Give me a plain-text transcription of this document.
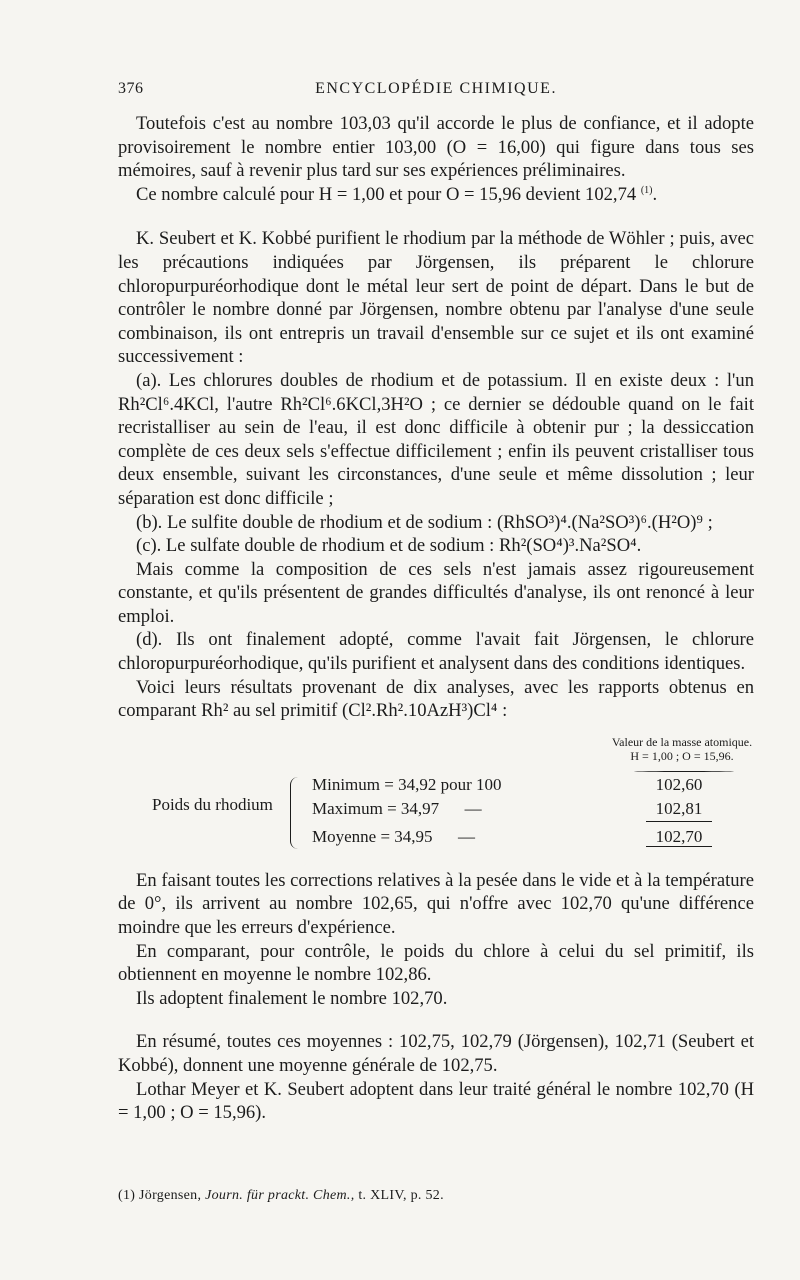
376	ENCYCLOPÉDIE CHIMIQUE.

Toutefois c'est au nombre 103,03 qu'il accorde le plus de confiance, et il adopte provisoirement le nombre entier 103,00 (O = 16,00) qui figure dans tous ses mémoires, sauf à revenir plus tard sur ses expériences préliminaires.

Ce nombre calculé pour H = 1,00 et pour O = 15,96 devient 102,74 $^{(1)}$.

K. Seubert et K. Kobbé purifient le rhodium par la méthode de Wöhler ; puis, avec les précautions indiquées par Jörgensen, ils préparent le chlorure chloropurpuréorhodique dont le métal leur sert de point de départ. Dans le but de contrôler le nombre donné par Jörgensen, nombre obtenu par l'analyse d'une seule combinaison, ils ont entrepris un travail d'ensemble sur ce sujet et ils ont examiné successivement :

(a). Les chlorures doubles de rhodium et de potassium. Il en existe deux : l'un Rh²Cl⁶.4KCl, l'autre Rh²Cl⁶.6KCl,3H²O ; ce dernier se dédouble quand on le fait recristalliser au sein de l'eau, il est donc difficile à obtenir pur ; la dessiccation complète de ces deux sels s'effectue difficilement ; enfin ils peuvent cristalliser tous deux ensemble, suivant les circonstances, d'une seule et même dissolution ; leur séparation est donc difficile ;

(b). Le sulfite double de rhodium et de sodium : (RhSO³)⁴.(Na²SO³)⁶.(H²O)⁹ ;

(c). Le sulfate double de rhodium et de sodium : Rh²(SO⁴)³.Na²SO⁴.

Mais comme la composition de ces sels n'est jamais assez rigoureusement constante, et qu'ils présentent de grandes difficultés d'analyse, ils ont renoncé à leur emploi.

(d). Ils ont finalement adopté, comme l'avait fait Jörgensen, le chlorure chloropurpuréorhodique, qu'ils purifient et analysent dans des conditions identiques.

Voici leurs résultats provenant de dix analyses, avec les rapports obtenus en comparant Rh² au sel primitif (Cl².Rh².10AzH³)Cl⁴ :

Valeur de la masse atomique.
H = 1,00 ; O = 15,96.
Poids du rhodium
Minimum = 34,92 pour 100
Maximum = 34,97      —
Moyenne = 34,95      —
102,60
102,81
102,70

En faisant toutes les corrections relatives à la pesée dans le vide et à la température de 0°, ils arrivent au nombre 102,65, qui n'offre avec 102,70 qu'une différence moindre que les erreurs d'expérience.

En comparant, pour contrôle, le poids du chlore à celui du sel primitif, ils obtiennent en moyenne le nombre 102,86.

Ils adoptent finalement le nombre 102,70.

En résumé, toutes ces moyennes : 102,75, 102,79 (Jörgensen), 102,71 (Seubert et Kobbé), donnent une moyenne générale de 102,75.

Lothar Meyer et K. Seubert adoptent dans leur traité général le nombre 102,70 (H = 1,00 ; O = 15,96).

(1) Jörgensen, Journ. für prackt. Chem., t. XLIV, p. 52.
